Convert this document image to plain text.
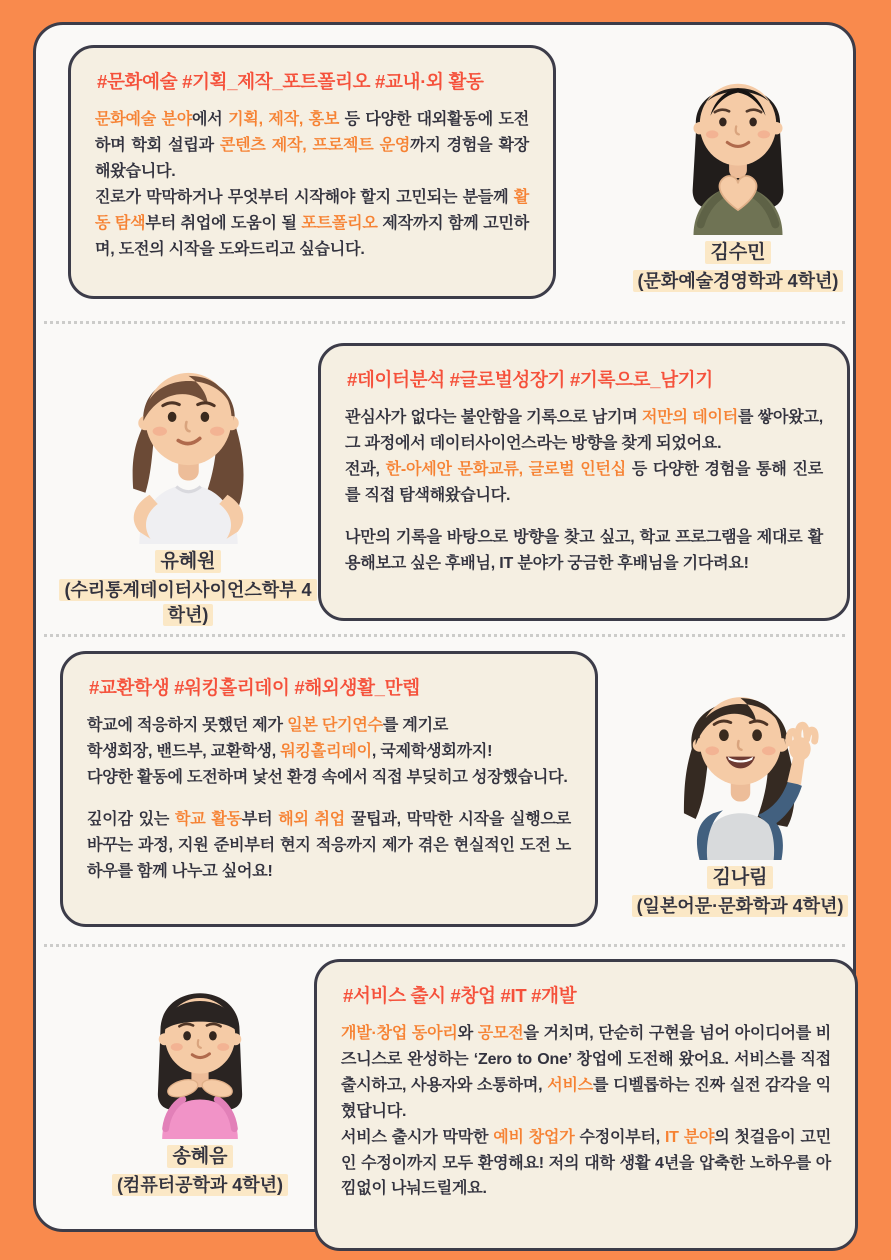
#문화예술 #기획_제작_포트폴리오 #교내·외 활동

문화예술 분야에서 기획, 제작, 홍보 등 다양한 대외활동에 도전하며 학회 설립과 콘텐츠 제작, 프로젝트 운영까지 경험을 확장해왔습니다.

진로가 막막하거나 무엇부터 시작해야 할지 고민되는 분들께 활동 탐색부터 취업에 도움이 될 포트폴리오 제작까지 함께 고민하며, 도전의 시작을 도와드리고 싶습니다.	김수민
(문화예술경영학과 4학년)
유혜원
(수리통계데이터사이언스학부 4학년)
#데이터분석 #글로벌성장기 #기록으로_남기기

관심사가 없다는 불안함을 기록으로 남기며 저만의 데이터를 쌓아왔고, 그 과정에서 데이터사이언스라는 방향을 찾게 되었어요.

전과, 한-아세안 문화교류, 글로벌 인턴십 등 다양한 경험을 통해 진로를 직접 탐색해왔습니다.

나만의 기록을 바탕으로 방향을 찾고 싶고, 학교 프로그램을 제대로 활용해보고 싶은 후배님, IT 분야가 궁금한 후배님을 기다려요!

#교환학생 #워킹홀리데이 #해외생활_만렙

학교에 적응하지 못했던 제가 일본 단기연수를 계기로

학생회장, 밴드부, 교환학생, 워킹홀리데이, 국제학생회까지!

다양한 활동에 도전하며 낯선 환경 속에서 직접 부딪히고 성장했습니다.

깊이감 있는 학교 활동부터 해외 취업 꿀팁과, 막막한 시작을 실행으로 바꾸는 과정, 지원 준비부터 현지 적응까지 제가 겪은 현실적인 도전 노하우를 함께 나누고 싶어요!	김나림
(일본어문·문화학과 4학년)
송혜음
(컴퓨터공학과 4학년)
#서비스 출시 #창업 #IT #개발

개발·창업 동아리와 공모전을 거치며, 단순히 구현을 넘어 아이디어를 비즈니스로 완성하는 ‘Zero to One’ 창업에 도전해 왔어요. 서비스를 직접 출시하고, 사용자와 소통하며, 서비스를 디벨롭하는 진짜 실전 감각을 익혔답니다.

서비스 출시가 막막한 예비 창업가 수정이부터, IT 분야의 첫걸음이 고민인 수정이까지 모두 환영해요! 저의 대학 생활 4년을 압축한 노하우를 아낌없이 나눠드릴게요.
